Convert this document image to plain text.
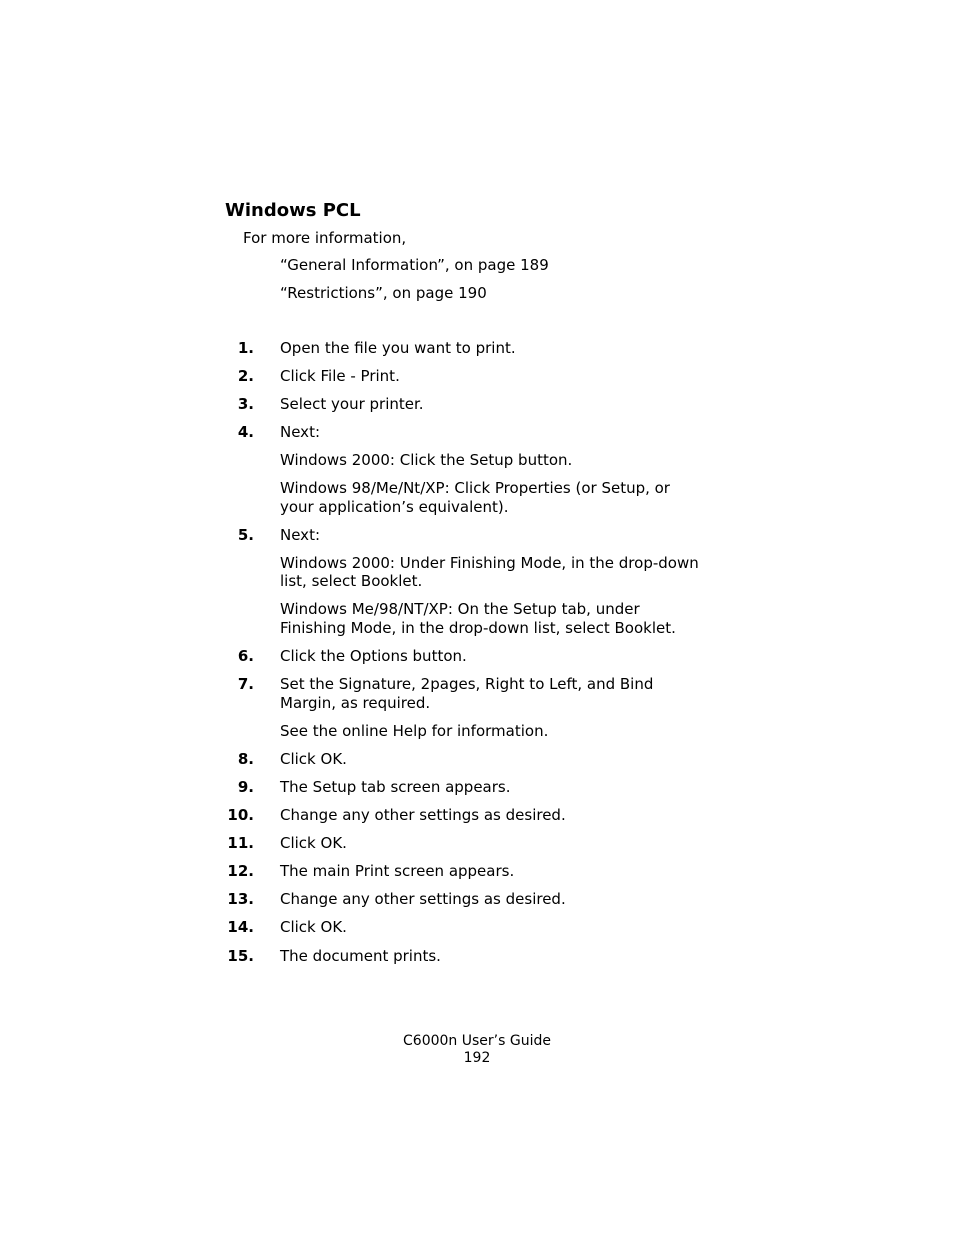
Windows PCL
For more information,
“General Information”, on page 189
“Restrictions”, on page 190
1. Open the file you want to print.
2. Click File - Print.
3. Select your printer.
4. Next:
Windows 2000: Click the Setup button.
Windows 98/Me/Nt/XP: Click Properties (or Setup, or
your application’s equivalent).
5. Next:
Windows 2000: Under Finishing Mode, in the drop-down
list, select Booklet.
Windows Me/98/NT/XP: On the Setup tab, under
Finishing Mode, in the drop-down list, select Booklet.
6. Click the Options button.
7. Set the Signature, 2pages, Right to Left, and Bind
Margin, as required.
See the online Help for information.
8. Click OK.
9. The Setup tab screen appears.
10. Change any other settings as desired.
11. Click OK.
12. The main Print screen appears.
13. Change any other settings as desired.
14. Click OK.
15. The document prints.
C6000n User’s Guide
192
